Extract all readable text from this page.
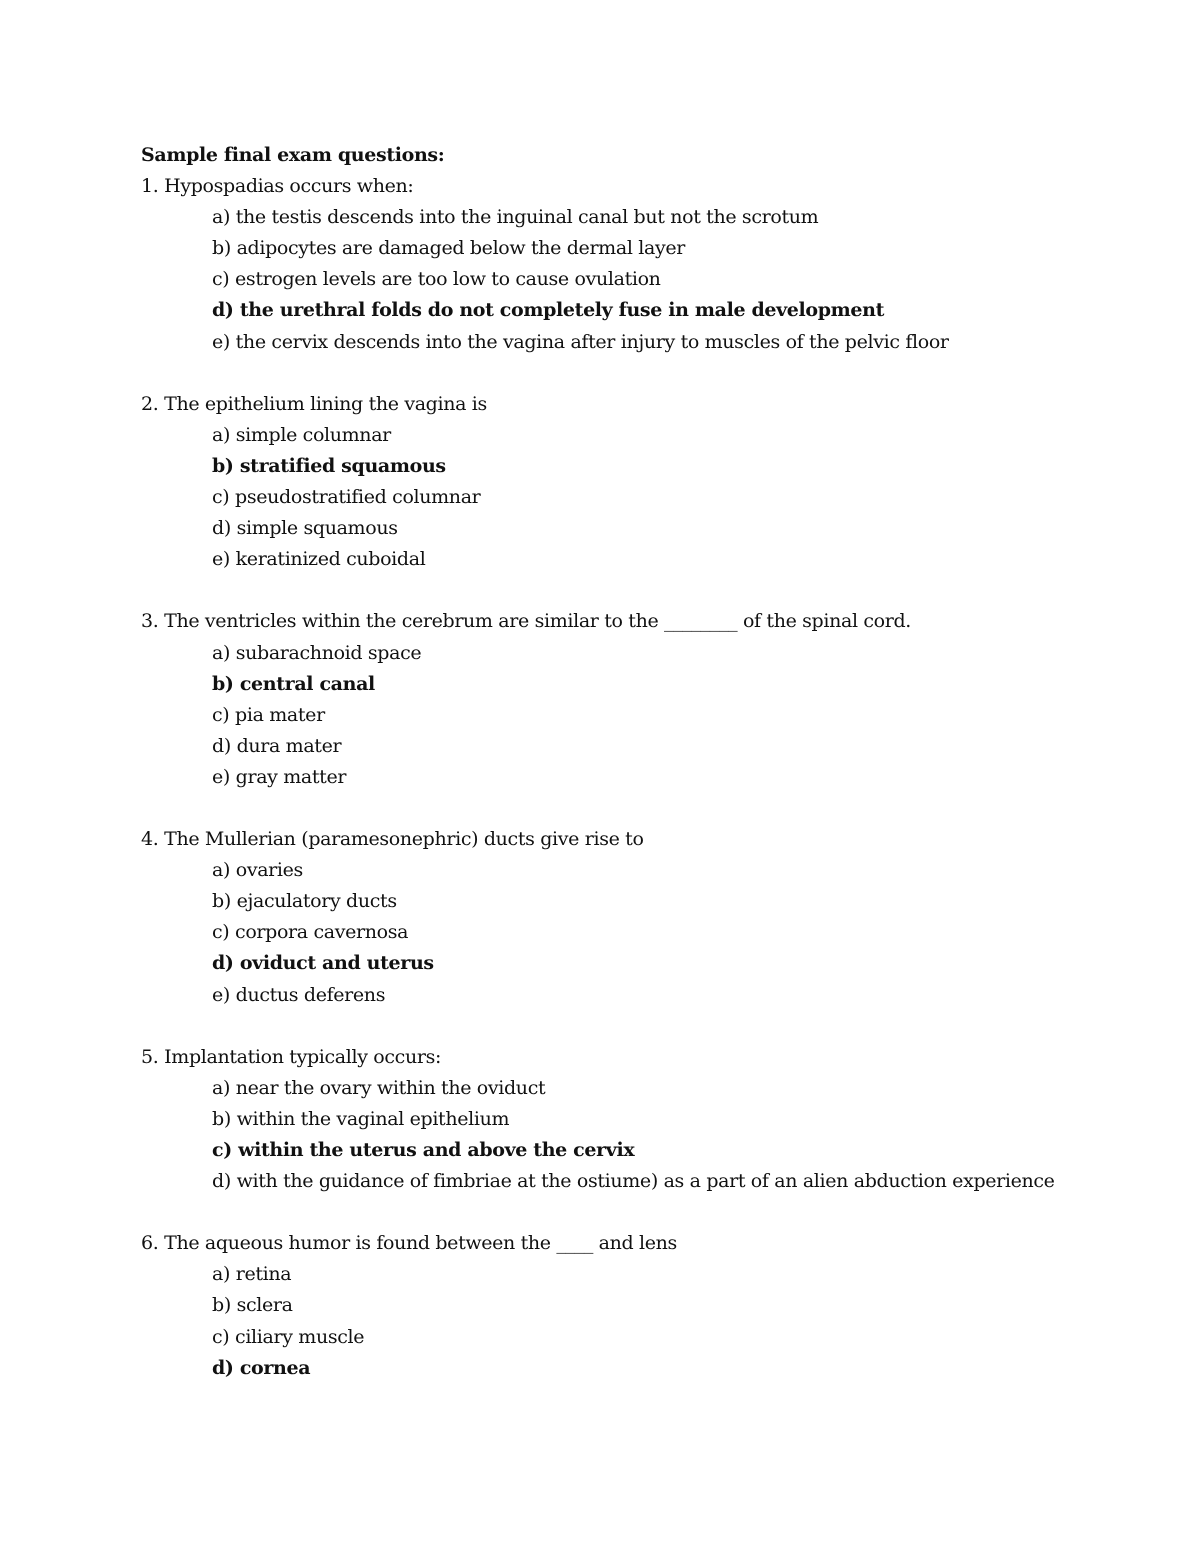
Sample final exam questions:
1. Hypospadias occurs when:
a) the testis descends into the inguinal canal but not the scrotum
b) adipocytes are damaged below the dermal layer
c) estrogen levels are too low to cause ovulation
d) the urethral folds do not completely fuse in male development
e) the cervix descends into the vagina after injury to muscles of the pelvic floor
2. The epithelium lining the vagina is
a) simple columnar
b) stratified squamous
c) pseudostratified columnar
d) simple squamous
e) keratinized cuboidal
3. The ventricles within the cerebrum are similar to the ________ of the spinal cord.
a) subarachnoid space
b) central canal
c) pia mater
d) dura mater
e) gray matter
4. The Mullerian (paramesonephric) ducts give rise to
a) ovaries
b) ejaculatory ducts
c) corpora cavernosa
d) oviduct and uterus
e) ductus deferens
5. Implantation typically occurs:
a) near the ovary within the oviduct
b) within the vaginal epithelium
c) within the uterus and above the cervix
d) with the guidance of fimbriae at the ostiume) as a part of an alien abduction experience
6. The aqueous humor is found between the ____ and lens
a) retina
b) sclera
c) ciliary muscle
d) cornea
